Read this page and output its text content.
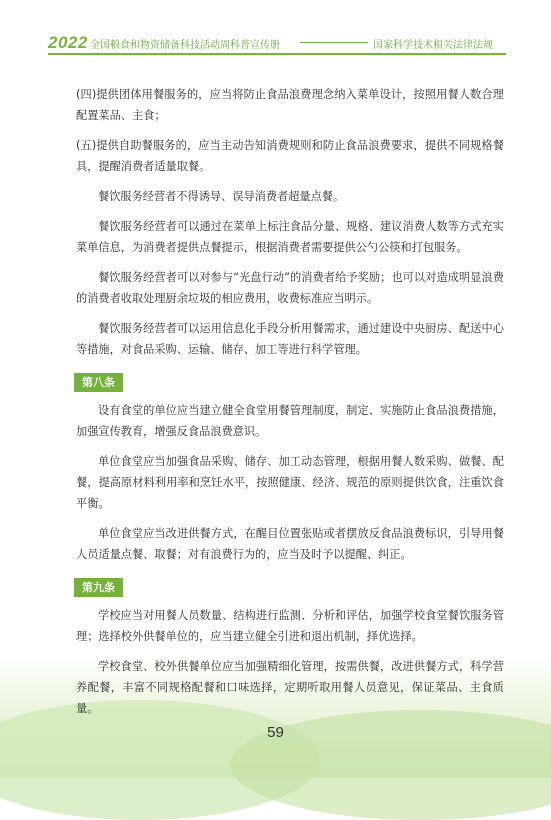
2022 全国粮食和物资储备科技活动周科普宣传册	国家科学技术相关法律法规

(四)提供团体用餐服务的，应当将防止食品浪费理念纳入菜单设计，按照用餐人数合理配置菜品、主食；

(五)提供自助餐服务的，应当主动告知消费规则和防止食品浪费要求，提供不同规格餐具，提醒消费者适量取餐。

餐饮服务经营者不得诱导、误导消费者超量点餐。

餐饮服务经营者可以通过在菜单上标注食品分量、规格、建议消费人数等方式充实菜单信息，为消费者提供点餐提示，根据消费者需要提供公勺公筷和打包服务。

餐饮服务经营者可以对参与“光盘行动”的消费者给予奖励；也可以对造成明显浪费的消费者收取处理厨余垃圾的相应费用，收费标准应当明示。

餐饮服务经营者可以运用信息化手段分析用餐需求，通过建设中央厨房、配送中心等措施，对食品采购、运输、储存、加工等进行科学管理。

第八条

设有食堂的单位应当建立健全食堂用餐管理制度，制定、实施防止食品浪费措施，加强宣传教育，增强反食品浪费意识。

单位食堂应当加强食品采购、储存、加工动态管理，根据用餐人数采购、做餐、配餐，提高原材料利用率和烹饪水平，按照健康、经济、规范的原则提供饮食，注重饮食平衡。

单位食堂应当改进供餐方式，在醒目位置张贴或者摆放反食品浪费标识，引导用餐人员适量点餐、取餐；对有浪费行为的，应当及时予以提醒、纠正。

第九条

学校应当对用餐人员数量、结构进行监测、分析和评估，加强学校食堂餐饮服务管理；选择校外供餐单位的，应当建立健全引进和退出机制，择优选择。

学校食堂、校外供餐单位应当加强精细化管理，按需供餐，改进供餐方式，科学营养配餐，丰富不同规格配餐和口味选择，定期听取用餐人员意见，保证菜品、主食质量。

59
